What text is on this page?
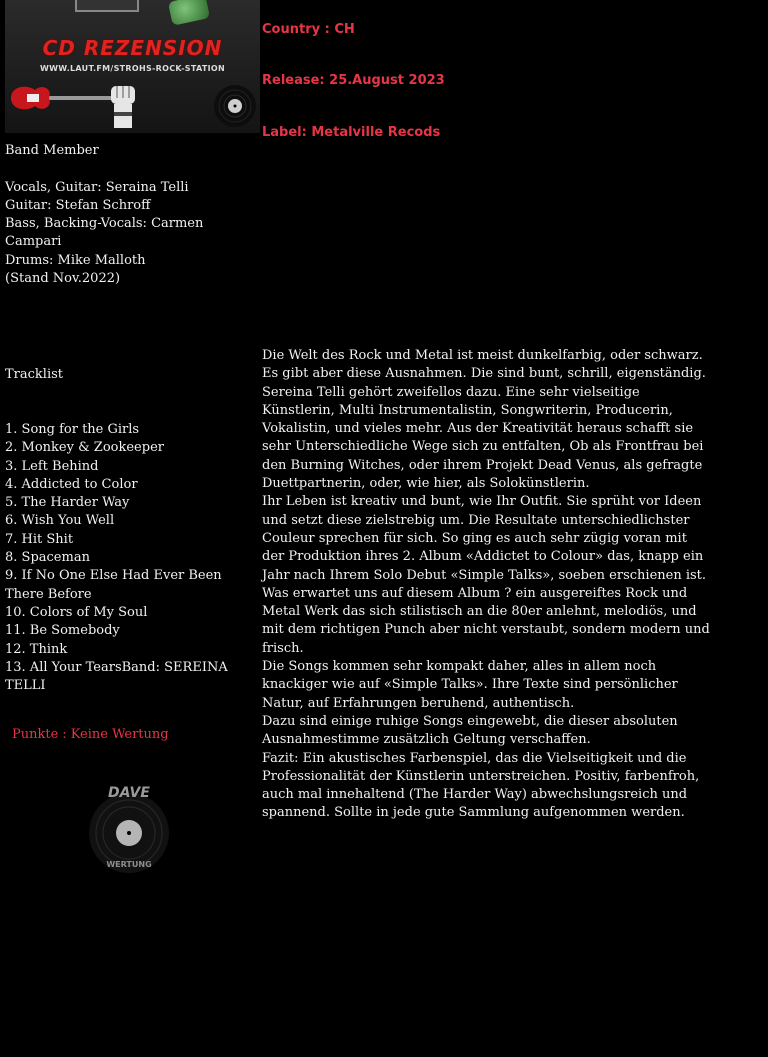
CD REZENSION
WWW.LAUT.FM/STROHS-ROCK-STATION
Country : CH
Release: 25.August 2023
Label: Metalville Recods
Band Member
Vocals, Guitar: Seraina Telli
Guitar: Stefan Schroff
Bass, Backing-Vocals: Carmen Campari
Drums: Mike Malloth
(Stand Nov.2022)
Tracklist
1. Song for the Girls
2. Monkey & Zookeeper
3. Left Behind
4. Addicted to Color
5. The Harder Way
6. Wish You Well
7. Hit Shit
8. Spaceman
9. If No One Else Had Ever Been There Before
10. Colors of My Soul
11. Be Somebody
12. Think
13. All Your TearsBand: SEREINA TELLI
Punkte : Keine Wertung
DAVE
WERTUNG

Die Welt des Rock und Metal ist meist dunkelfarbig, oder schwarz. Es gibt aber diese Ausnahmen. Die sind bunt, schrill, eigenständig. Sereina Telli gehört zweifellos dazu. Eine sehr vielseitige Künstlerin, Multi Instrumentalistin, Songwriterin, Producerin, Vokalistin, und vieles mehr. Aus der Kreativität heraus schafft sie sehr Unterschiedliche Wege sich zu entfalten, Ob als Frontfrau bei den Burning Witches, oder ihrem Projekt Dead Venus, als gefragte Duettpartnerin, oder, wie hier, als Solokünstlerin.

Ihr Leben ist kreativ und bunt, wie Ihr Outfit. Sie sprüht vor Ideen und setzt diese zielstrebig um. Die Resultate unterschiedlichster Couleur sprechen für sich. So ging es auch sehr zügig voran mit der Produktion ihres 2. Album «Addictet to Colour» das, knapp ein Jahr nach Ihrem Solo Debut «Simple Talks», soeben erschienen ist.

Was erwartet uns auf diesem Album ? ein ausgereiftes Rock und Metal Werk das sich stilistisch an die 80er anlehnt, melodiös, und mit dem richtigen Punch aber nicht verstaubt, sondern modern und frisch.

Die Songs kommen sehr kompakt daher, alles in allem noch knackiger wie auf «Simple Talks». Ihre Texte sind persönlicher Natur, auf Erfahrungen beruhend, authentisch.

Dazu sind einige ruhige Songs eingewebt, die dieser absoluten Ausnahmestimme zusätzlich Geltung verschaffen.

Fazit: Ein akustisches Farbenspiel, das die Vielseitigkeit und die Professionalität der Künstlerin unterstreichen. Positiv, farbenfroh, auch mal innehaltend (The Harder Way) abwechslungsreich und spannend. Sollte in jede gute Sammlung aufgenommen werden.
